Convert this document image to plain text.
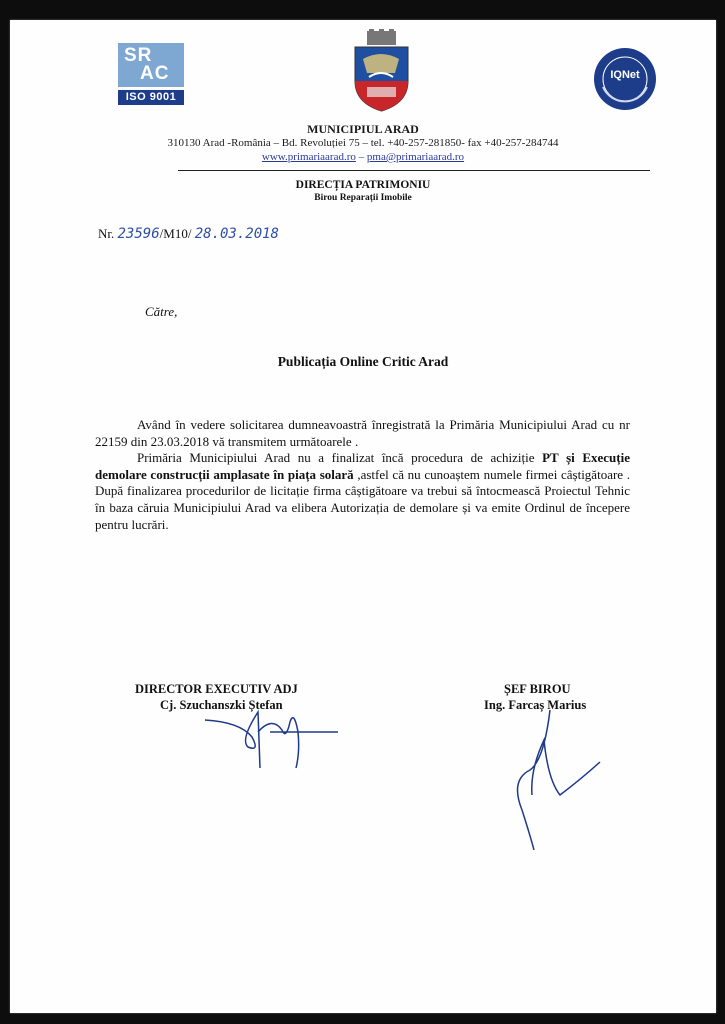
SR
AC
ISO 9001
IQNet
MUNICIPIUL ARAD
310130 Arad -România – Bd. Revoluției 75 – tel. +40-257-281850- fax +40-257-284744
www.primariaarad.ro – pma@primariaarad.ro
DIRECȚIA PATRIMONIU
Birou Reparații Imobile
Nr. 23596/M10/ 28.03.2018
Către,
Publicația Online Critic Arad

Având în vedere solicitarea dumneavoastră înregistrată la Primăria Municipiului Arad cu nr 22159 din 23.03.2018 vă transmitem următoarele .

Primăria Municipiului Arad nu a finalizat încă procedura de achiziție PT și Execuție demolare construcții amplasate în piața solară ,astfel că nu cunoaștem numele firmei câștigătoare . După finalizarea procedurilor de licitație firma câștigătoare va trebui să întocmească Proiectul Tehnic în baza căruia Municipiului Arad va elibera Autorizația de demolare și va emite Ordinul de începere pentru lucrări.

DIRECTOR EXECUTIV ADJ
Cj. Szuchanszki Ștefan
ȘEF BIROU
Ing. Farcaș Marius
